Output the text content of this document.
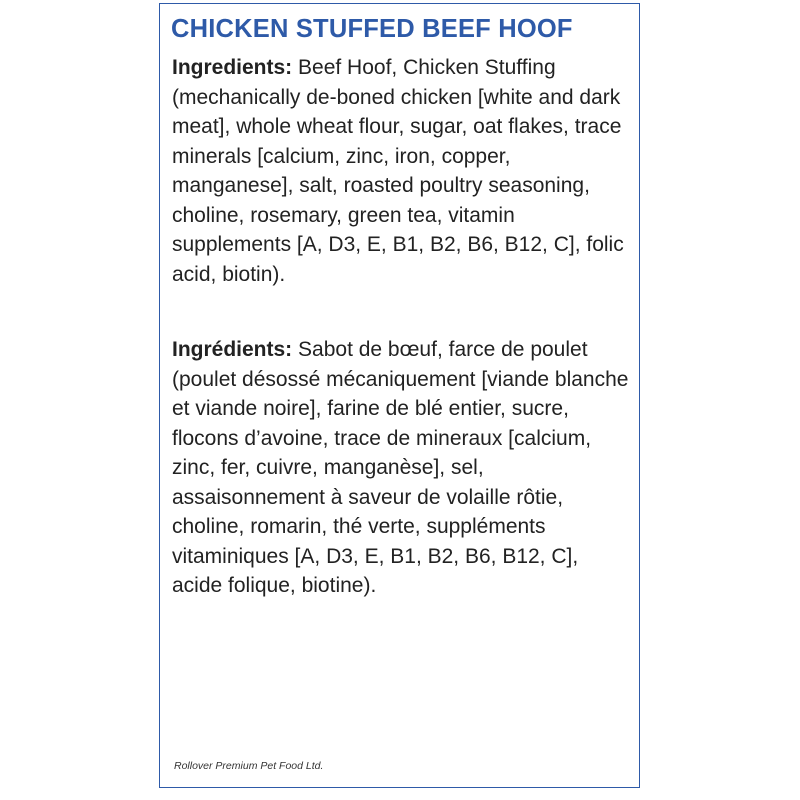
CHICKEN STUFFED BEEF HOOF

Ingredients: Beef Hoof, Chicken Stuffing (mechanically de-boned chicken [white and dark meat], whole wheat flour, sugar, oat flakes, trace minerals [calcium, zinc, iron, copper, manganese], salt, roasted poultry seasoning, choline, rosemary, green tea, vitamin supplements [A, D3, E, B1, B2, B6, B12, C], folic acid, biotin).

Ingrédients: Sabot de bœuf, farce de poulet (poulet désossé mécaniquement [viande blanche et viande noire], farine de blé entier, sucre, flocons d’avoine, trace de mineraux [calcium, zinc, fer, cuivre, manganèse], sel, assaisonnement à saveur de volaille rôtie, choline, romarin, thé verte, suppléments vitaminiques [A, D3, E, B1, B2, B6, B12, C], acide folique, biotine).

Rollover Premium Pet Food Ltd.
